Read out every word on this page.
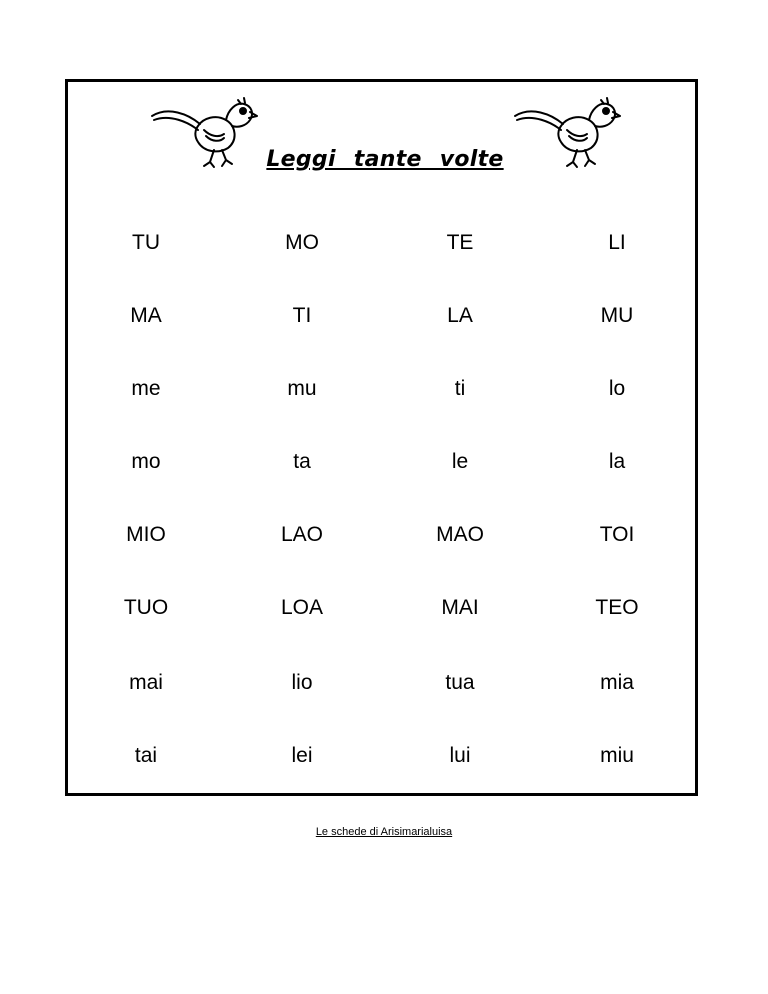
Leggi tante volte
TU	MO	TE	LI
MA	TI	LA	MU
me	mu	ti	lo
mo	ta	le	la
MIO	LAO	MAO	TOI
TUO	LOA	MAI	TEO
mai	lio	tua	mia
tai	lei	lui	miu
Le schede di Arisimarialuisa
